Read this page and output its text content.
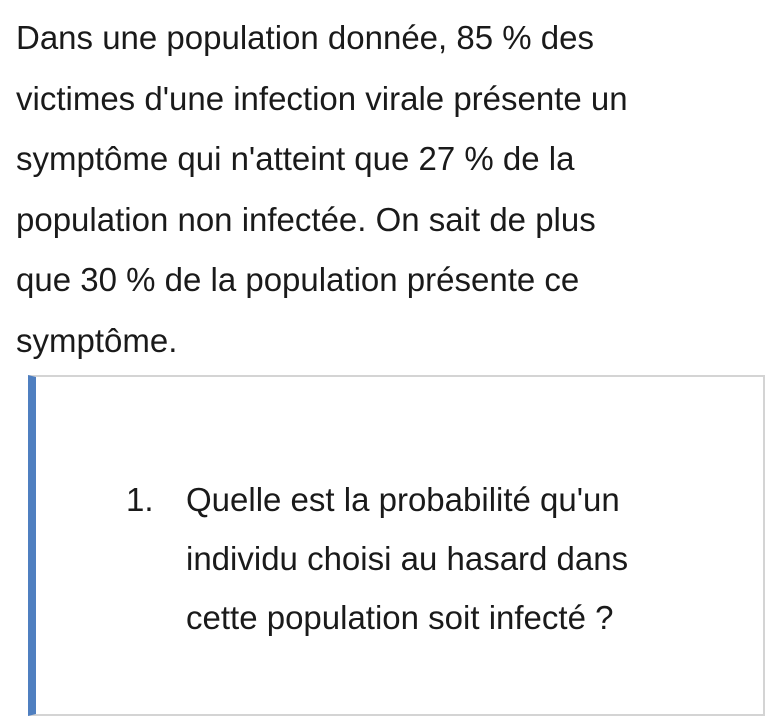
Dans une population donnée, 85 % des
victimes d'une infection virale présente un
symptôme qui n'atteint que 27 % de la
population non infectée. On sait de plus
que 30 % de la population présente ce
symptôme.

1. Quelle est la probabilité qu'un
individu choisi au hasard dans
cette population soit infecté ?
